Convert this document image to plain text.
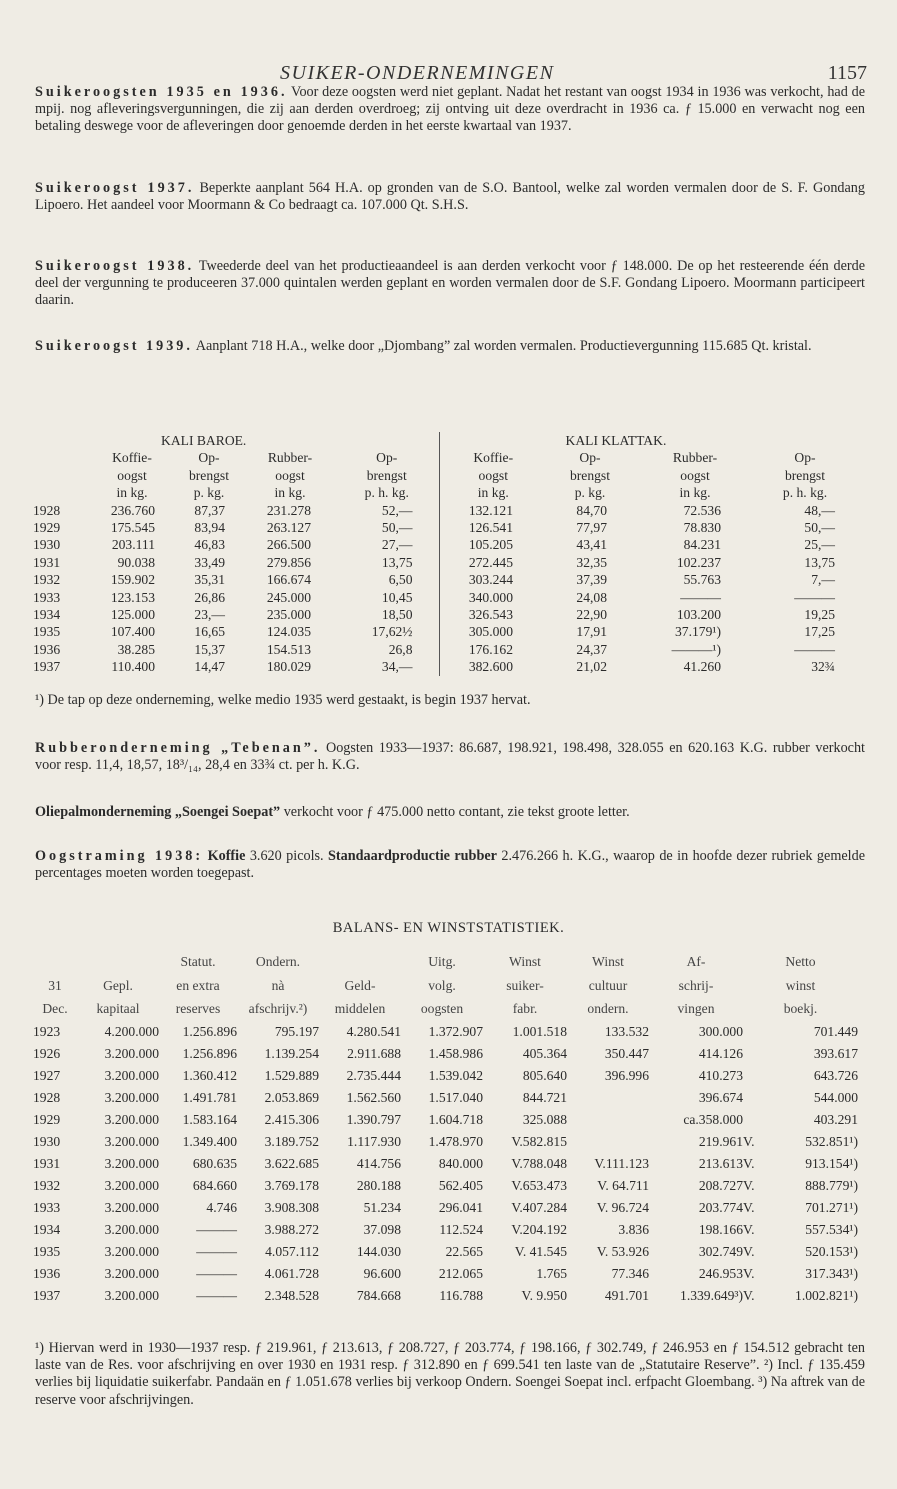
SUIKER-ONDERNEMINGEN	1157

Suikeroogsten 1935 en 1936. Voor deze oogsten werd niet geplant. Nadat het restant van oogst 1934 in 1936 was verkocht, had de mpij. nog afleveringsvergunningen, die zij aan derden overdroeg; zij ontving uit deze overdracht in 1936 ca. ƒ 15.000 en verwacht nog een betaling deswege voor de afleveringen door genoemde derden in het eerste kwartaal van 1937.

Suikeroogst 1937. Beperkte aanplant 564 H.A. op gronden van de S.O. Bantool, welke zal worden vermalen door de S. F. Gondang Lipoero. Het aandeel voor Moormann & Co bedraagt ca. 107.000 Qt. S.H.S.

Suikeroogst 1938. Tweederde deel van het productieaandeel is aan derden verkocht voor ƒ 148.000. De op het resteerende één derde deel der vergunning te produceeren 37.000 quintalen werden geplant en worden vermalen door de S.F. Gondang Lipoero. Moormann participeert daarin.

Suikeroogst 1939. Aanplant 718 H.A., welke door „Djombang” zal worden vermalen. Productievergunning 115.685 Qt. kristal.

	KALI BAROE.				KALI KLATTAK.			
	Koffie-	Op-	Rubber-	Op-	Koffie-	Op-	Rubber-	Op-
	oogst	brengst	oogst	brengst	oogst	brengst	oogst	brengst
	in kg.	p. kg.	in kg.	p. h. kg.	in kg.	p. kg.	in kg.	p. h. kg.
1928	236.760	87,37	231.278	52,—	132.121	84,70	72.536	48,—
1929	175.545	83,94	263.127	50,—	126.541	77,97	78.830	50,—
1930	203.111	46,83	266.500	27,—	105.205	43,41	84.231	25,—
1931	90.038	33,49	279.856	13,75	272.445	32,35	102.237	13,75
1932	159.902	35,31	166.674	6,50	303.244	37,39	55.763	7,—
1933	123.153	26,86	245.000	10,45	340.000	24,08	———	———
1934	125.000	23,—	235.000	18,50	326.543	22,90	103.200	19,25
1935	107.400	16,65	124.035	17,62½	305.000	17,91	37.179¹)	17,25
1936	38.285	15,37	154.513	26,8	176.162	24,37	———¹)	———
1937	110.400	14,47	180.029	34,—	382.600	21,02	41.260	32¾

¹) De tap op deze onderneming, welke medio 1935 werd gestaakt, is begin 1937 hervat.

Rubberonderneming „Tebenan”. Oogsten 1933—1937: 86.687, 198.921, 198.498, 328.055 en 620.163 K.G. rubber verkocht voor resp. 11,4, 18,57, 18³/₁₄, 28,4 en 33¾ ct. per h. K.G.

Oliepalmonderneming „Soengei Soepat” verkocht voor ƒ 475.000 netto contant, zie tekst groote letter.

Oogstraming 1938: Koffie 3.620 picols. Standaardproductie rubber 2.476.266 h. K.G., waarop de in hoofde dezer rubriek gemelde percentages moeten worden toegepast.

BALANS- EN WINSTSTATISTIEK.
		Statut.	Ondern.		Uitg.	Winst	Winst	Af-	Netto	
31	Gepl.	en extra	nà	Geld-	volg.	suiker-	cultuur	schrij-	winst	
Dec.	kapitaal	reserves	afschrijv.²)	middelen	oogsten	fabr.	ondern.	vingen	boekj.	
1923	4.200.000	1.256.896	795.197	4.280.541	1.372.907	1.001.518	133.532	300.000		701.449
1926	3.200.000	1.256.896	1.139.254	2.911.688	1.458.986	405.364	350.447	414.126		393.617
1927	3.200.000	1.360.412	1.529.889	2.735.444	1.539.042	805.640	396.996	410.273		643.726
1928	3.200.000	1.491.781	2.053.869	1.562.560	1.517.040	844.721		396.674		544.000
1929	3.200.000	1.583.164	2.415.306	1.390.797	1.604.718	325.088		ca.358.000		403.291
1930	3.200.000	1.349.400	3.189.752	1.117.930	1.478.970	V.582.815		219.961	V.	532.851¹)
1931	3.200.000	680.635	3.622.685	414.756	840.000	V.788.048	V.111.123	213.613	V.	913.154¹)
1932	3.200.000	684.660	3.769.178	280.188	562.405	V.653.473	V. 64.711	208.727	V.	888.779¹)
1933	3.200.000	4.746	3.908.308	51.234	296.041	V.407.284	V. 96.724	203.774	V.	701.271¹)
1934	3.200.000	———	3.988.272	37.098	112.524	V.204.192	3.836	198.166	V.	557.534¹)
1935	3.200.000	———	4.057.112	144.030	22.565	V. 41.545	V. 53.926	302.749	V.	520.153¹)
1936	3.200.000	———	4.061.728	96.600	212.065	1.765	77.346	246.953	V.	317.343¹)
1937	3.200.000	———	2.348.528	784.668	116.788	V. 9.950	491.701	1.339.649³)	V.	1.002.821¹)

¹) Hiervan werd in 1930—1937 resp. ƒ 219.961, ƒ 213.613, ƒ 208.727, ƒ 203.774, ƒ 198.166, ƒ 302.749, ƒ 246.953 en ƒ 154.512 gebracht ten laste van de Res. voor afschrijving en over 1930 en 1931 resp. ƒ 312.890 en ƒ 699.541 ten laste van de „Statutaire Reserve”. ²) Incl. ƒ 135.459 verlies bij liquidatie suikerfabr. Pandaän en ƒ 1.051.678 verlies bij verkoop Ondern. Soengei Soepat incl. erfpacht Gloembang. ³) Na aftrek van de reserve voor afschrijvingen.
